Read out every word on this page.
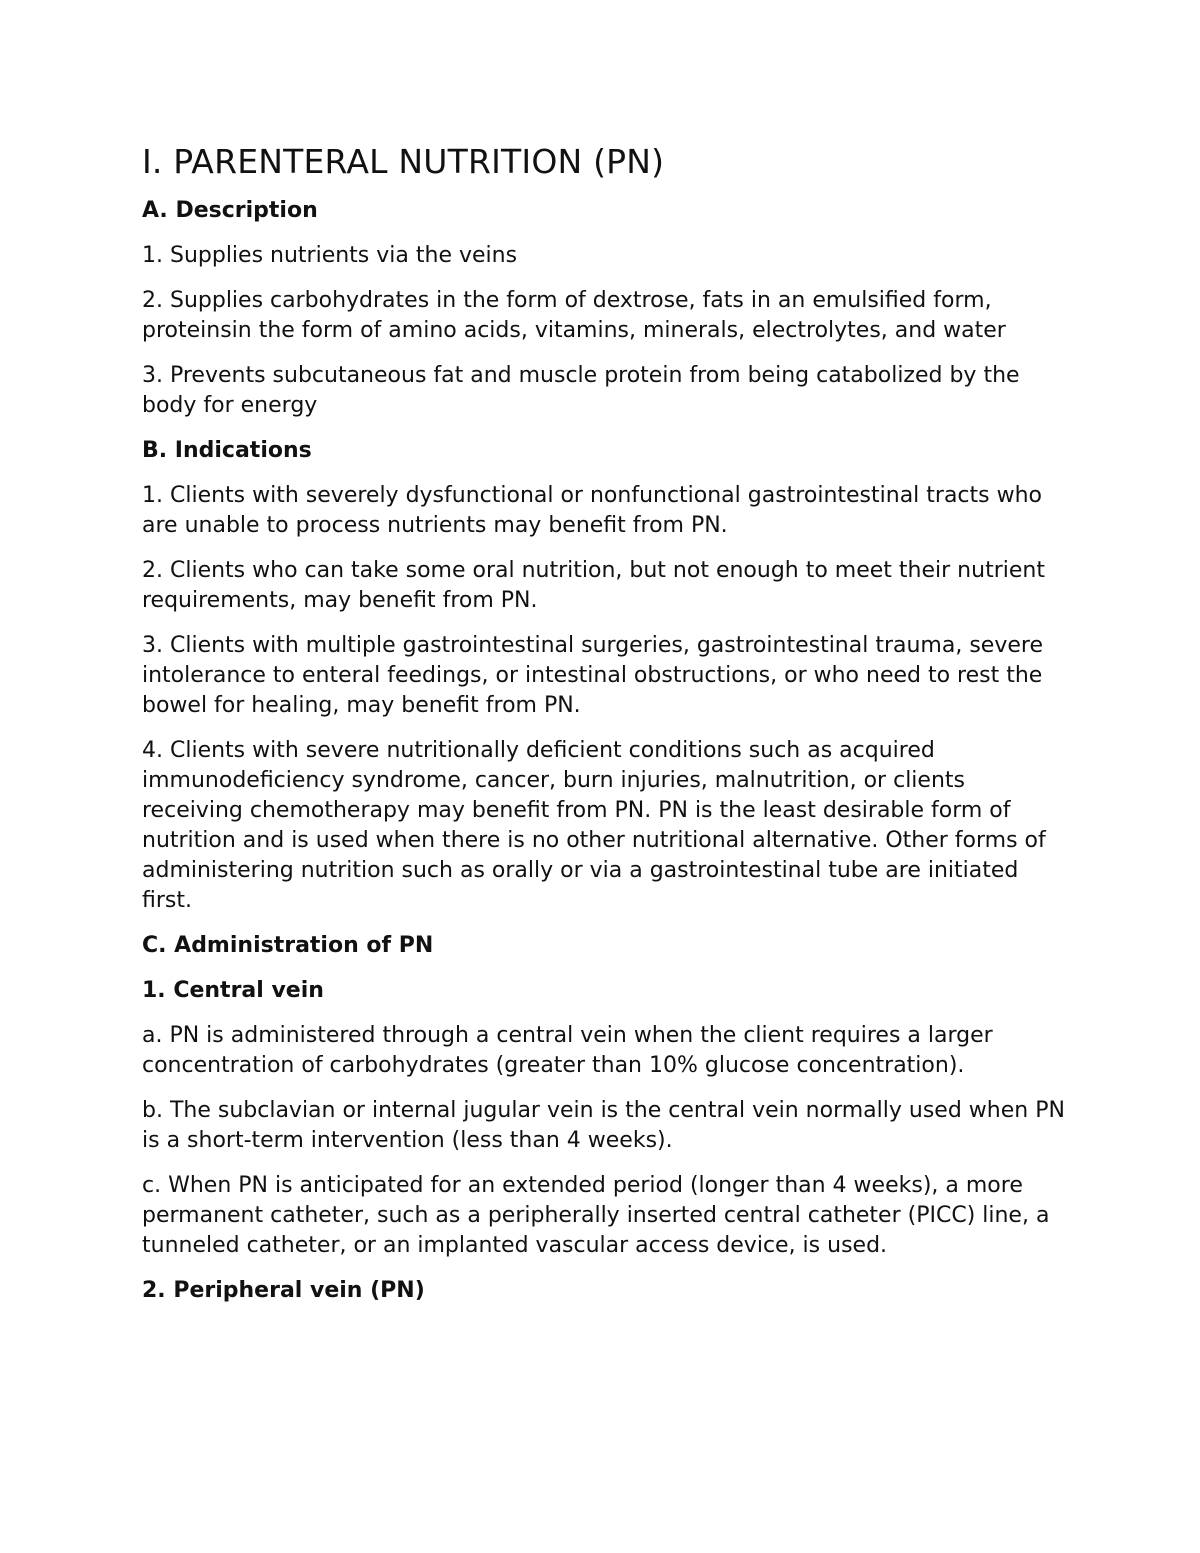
I. PARENTERAL NUTRITION (PN)
A. Description

1. Supplies nutrients via the veins

2. Supplies carbohydrates in the form of dextrose, fats in an emulsified form, proteinsin the form of amino acids, vitamins, minerals, electrolytes, and water

3. Prevents subcutaneous fat and muscle protein from being catabolized by the body for energy

B. Indications

1. Clients with severely dysfunctional or nonfunctional gastrointestinal tracts who are unable to process nutrients may benefit from PN.

2. Clients who can take some oral nutrition, but not enough to meet their nutrient requirements, may benefit from PN.

3. Clients with multiple gastrointestinal surgeries, gastrointestinal trauma, severe intolerance to enteral feedings, or intestinal obstructions, or who need to rest the bowel for healing, may benefit from PN.

4. Clients with severe nutritionally deficient conditions such as acquired immunodeficiency syndrome, cancer, burn injuries, malnutrition, or clients receiving chemotherapy may benefit from PN. PN is the least desirable form of nutrition and is used when there is no other nutritional alternative. Other forms of administering nutrition such as orally or via a gastrointestinal tube are initiated first.

C. Administration of PN
1. Central vein

a. PN is administered through a central vein when the client requires a larger concentration of carbohydrates (greater than 10% glucose concentration).

b. The subclavian or internal jugular vein is the central vein normally used when PN is a short-term intervention (less than 4 weeks).

c. When PN is anticipated for an extended period (longer than 4 weeks), a more permanent catheter, such as a peripherally inserted central catheter (PICC) line, a tunneled catheter, or an implanted vascular access device, is used.

2. Peripheral vein (PN)
